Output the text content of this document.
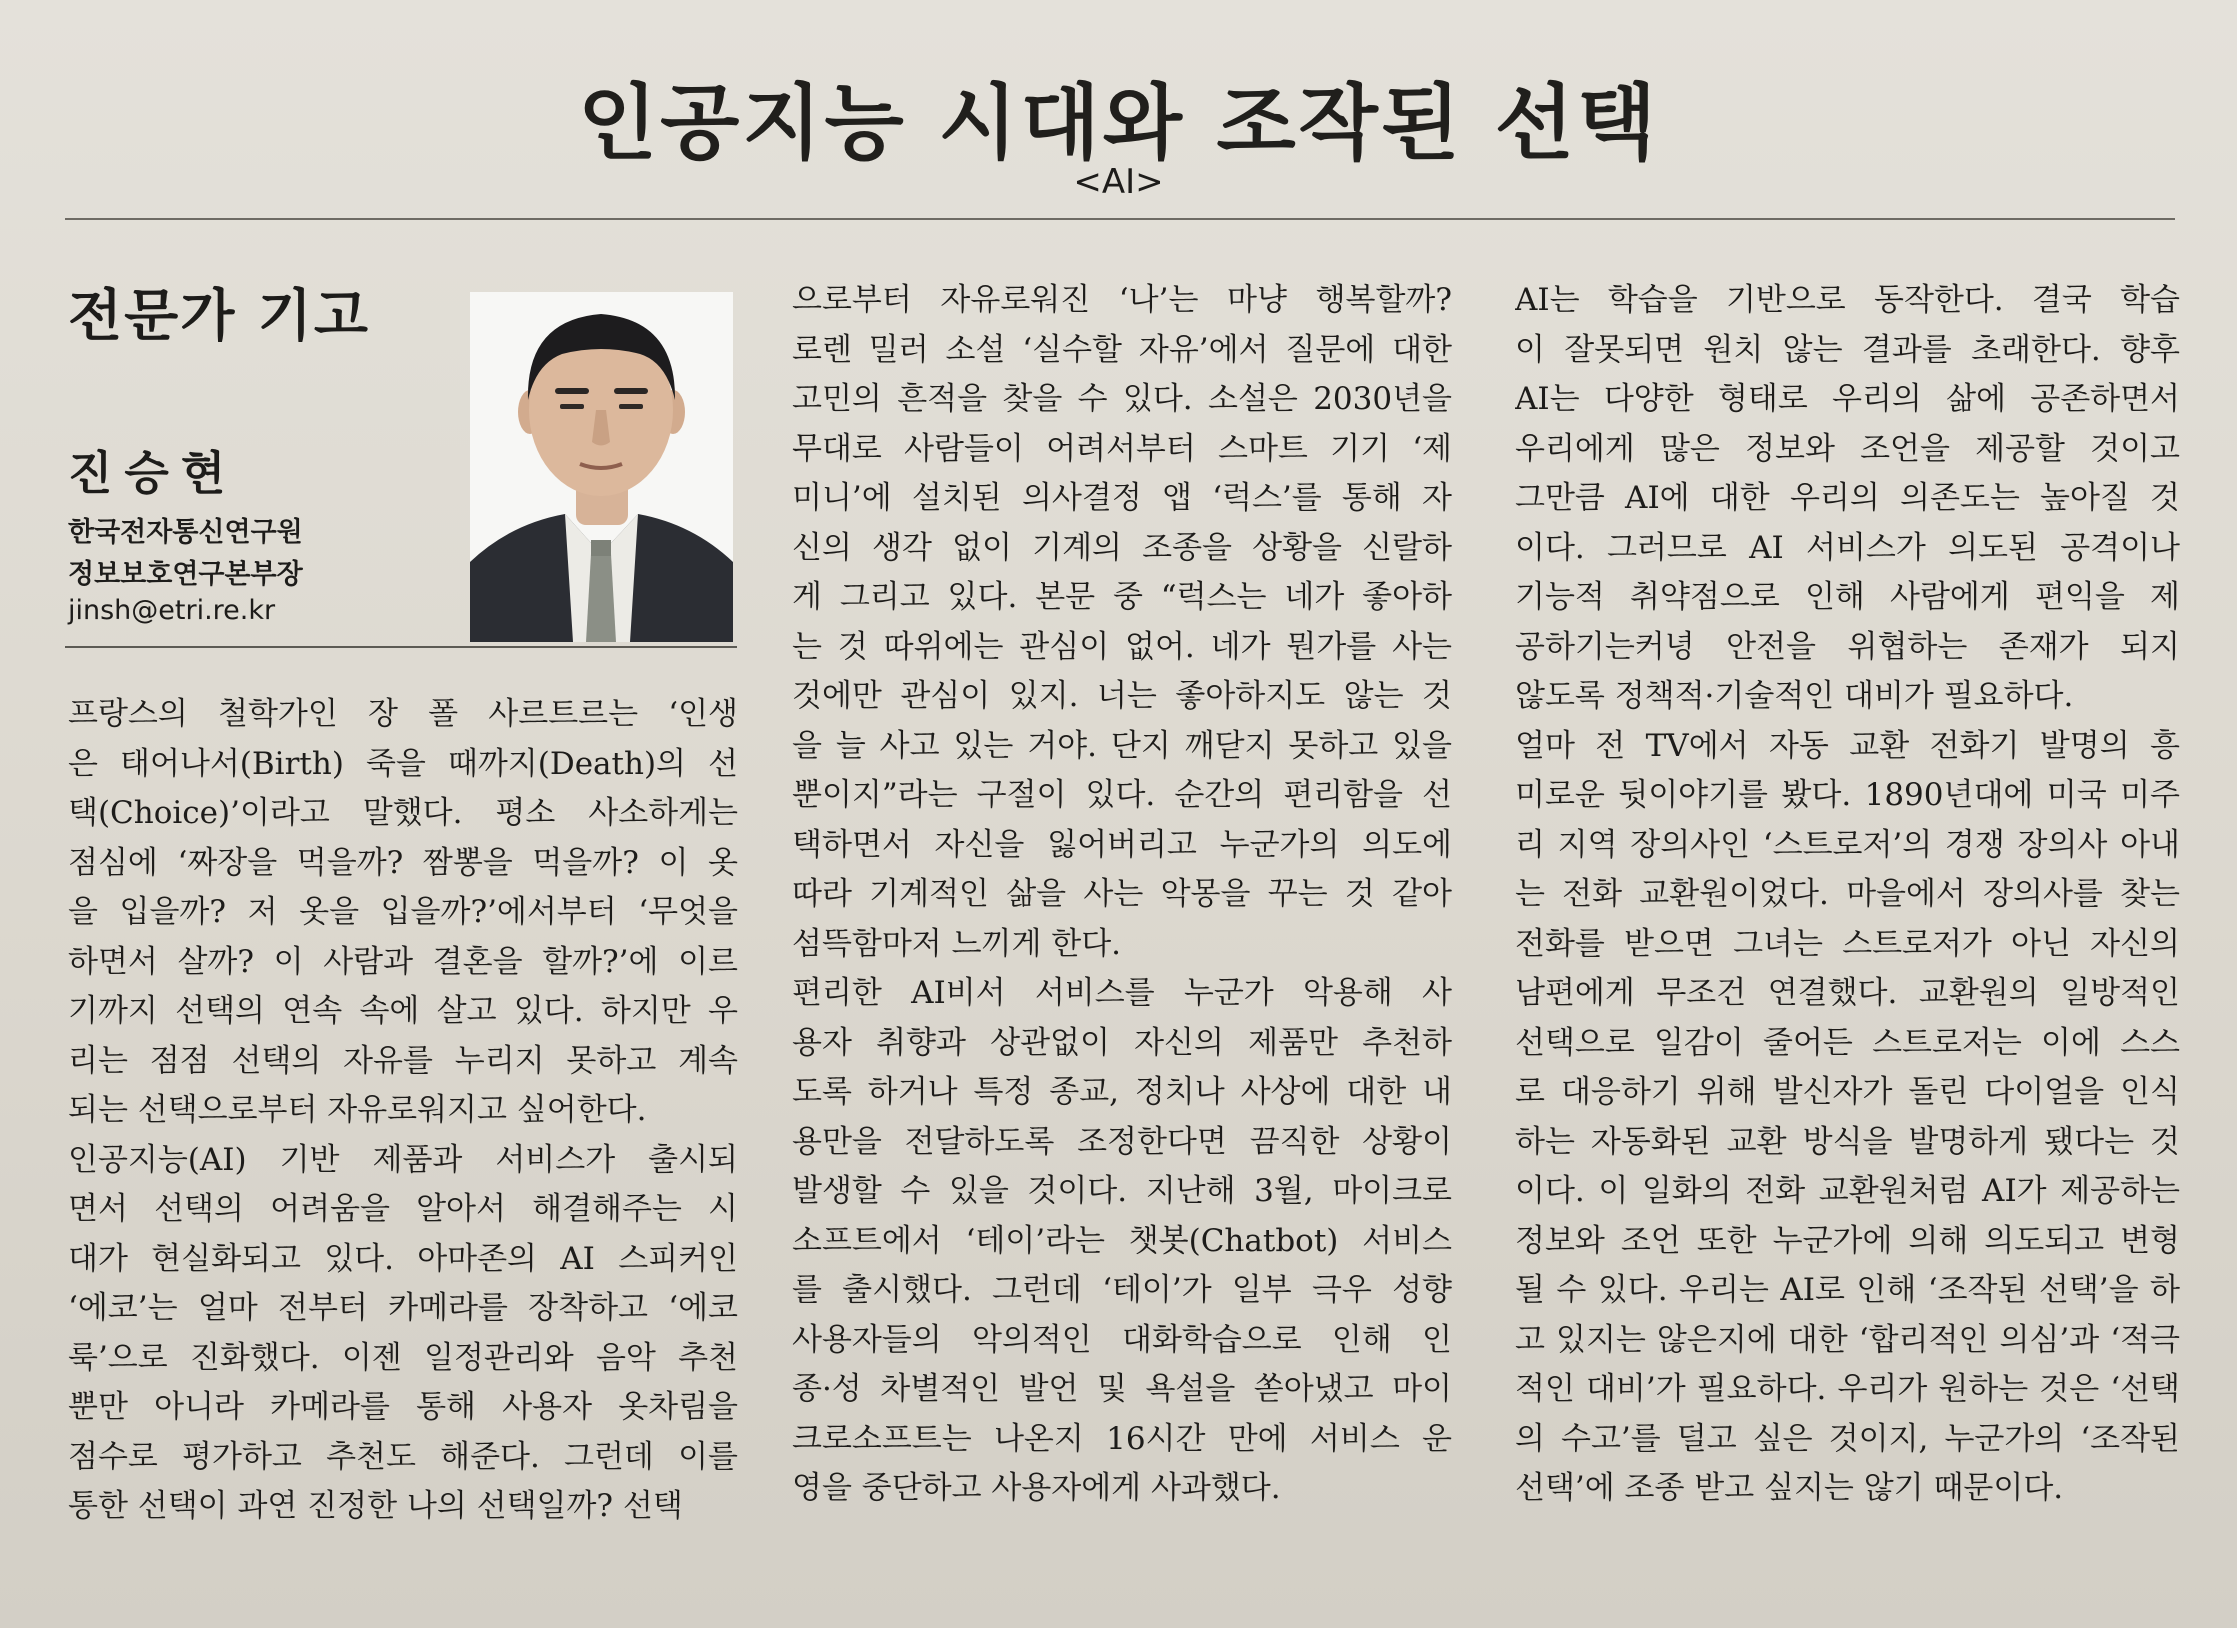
인공지능 시대와 조작된 선택
<AI>
전문가 기고
진승현
한국전자통신연구원
정보보호연구본부장
jinsh@etri.re.kr
프랑스의 철학가인 장 폴 사르트르는 ‘인생
은 태어나서(Birth) 죽을 때까지(Death)의 선
택(Choice)’이라고 말했다. 평소 사소하게는
점심에 ‘짜장을 먹을까? 짬뽕을 먹을까? 이 옷
을 입을까? 저 옷을 입을까?’에서부터 ‘무엇을
하면서 살까? 이 사람과 결혼을 할까?’에 이르
기까지 선택의 연속 속에 살고 있다. 하지만 우
리는 점점 선택의 자유를 누리지 못하고 계속
되는 선택으로부터 자유로워지고 싶어한다.
인공지능(AI) 기반 제품과 서비스가 출시되
면서 선택의 어려움을 알아서 해결해주는 시
대가 현실화되고 있다. 아마존의 AI 스피커인
‘에코’는 얼마 전부터 카메라를 장착하고 ‘에코
룩’으로 진화했다. 이젠 일정관리와 음악 추천
뿐만 아니라 카메라를 통해 사용자 옷차림을
점수로 평가하고 추천도 해준다. 그런데 이를
통한 선택이 과연 진정한 나의 선택일까? 선택
으로부터 자유로워진 ‘나’는 마냥 행복할까?
로렌 밀러 소설 ‘실수할 자유’에서 질문에 대한
고민의 흔적을 찾을 수 있다. 소설은 2030년을
무대로 사람들이 어려서부터 스마트 기기 ‘제
미니’에 설치된 의사결정 앱 ‘럭스’를 통해 자
신의 생각 없이 기계의 조종을 상황을 신랄하
게 그리고 있다. 본문 중 “럭스는 네가 좋아하
는 것 따위에는 관심이 없어. 네가 뭔가를 사는
것에만 관심이 있지. 너는 좋아하지도 않는 것
을 늘 사고 있는 거야. 단지 깨닫지 못하고 있을
뿐이지”라는 구절이 있다. 순간의 편리함을 선
택하면서 자신을 잃어버리고 누군가의 의도에
따라 기계적인 삶을 사는 악몽을 꾸는 것 같아
섬뜩함마저 느끼게 한다.
편리한 AI비서 서비스를 누군가 악용해 사
용자 취향과 상관없이 자신의 제품만 추천하
도록 하거나 특정 종교, 정치나 사상에 대한 내
용만을 전달하도록 조정한다면 끔직한 상황이
발생할 수 있을 것이다. 지난해 3월, 마이크로
소프트에서 ‘테이’라는 챗봇(Chatbot) 서비스
를 출시했다. 그런데 ‘테이’가 일부 극우 성향
사용자들의 악의적인 대화학습으로 인해 인
종·성 차별적인 발언 및 욕설을 쏟아냈고 마이
크로소프트는 나온지 16시간 만에 서비스 운
영을 중단하고 사용자에게 사과했다.
AI는 학습을 기반으로 동작한다. 결국 학습
이 잘못되면 원치 않는 결과를 초래한다. 향후
AI는 다양한 형태로 우리의 삶에 공존하면서
우리에게 많은 정보와 조언을 제공할 것이고
그만큼 AI에 대한 우리의 의존도는 높아질 것
이다. 그러므로 AI 서비스가 의도된 공격이나
기능적 취약점으로 인해 사람에게 편익을 제
공하기는커녕 안전을 위협하는 존재가 되지
않도록 정책적·기술적인 대비가 필요하다.
얼마 전 TV에서 자동 교환 전화기 발명의 흥
미로운 뒷이야기를 봤다. 1890년대에 미국 미주
리 지역 장의사인 ‘스트로저’의 경쟁 장의사 아내
는 전화 교환원이었다. 마을에서 장의사를 찾는
전화를 받으면 그녀는 스트로저가 아닌 자신의
남편에게 무조건 연결했다. 교환원의 일방적인
선택으로 일감이 줄어든 스트로저는 이에 스스
로 대응하기 위해 발신자가 돌린 다이얼을 인식
하는 자동화된 교환 방식을 발명하게 됐다는 것
이다. 이 일화의 전화 교환원처럼 AI가 제공하는
정보와 조언 또한 누군가에 의해 의도되고 변형
될 수 있다. 우리는 AI로 인해 ‘조작된 선택’을 하
고 있지는 않은지에 대한 ‘합리적인 의심’과 ‘적극
적인 대비’가 필요하다. 우리가 원하는 것은 ‘선택
의 수고’를 덜고 싶은 것이지, 누군가의 ‘조작된
선택’에 조종 받고 싶지는 않기 때문이다.
